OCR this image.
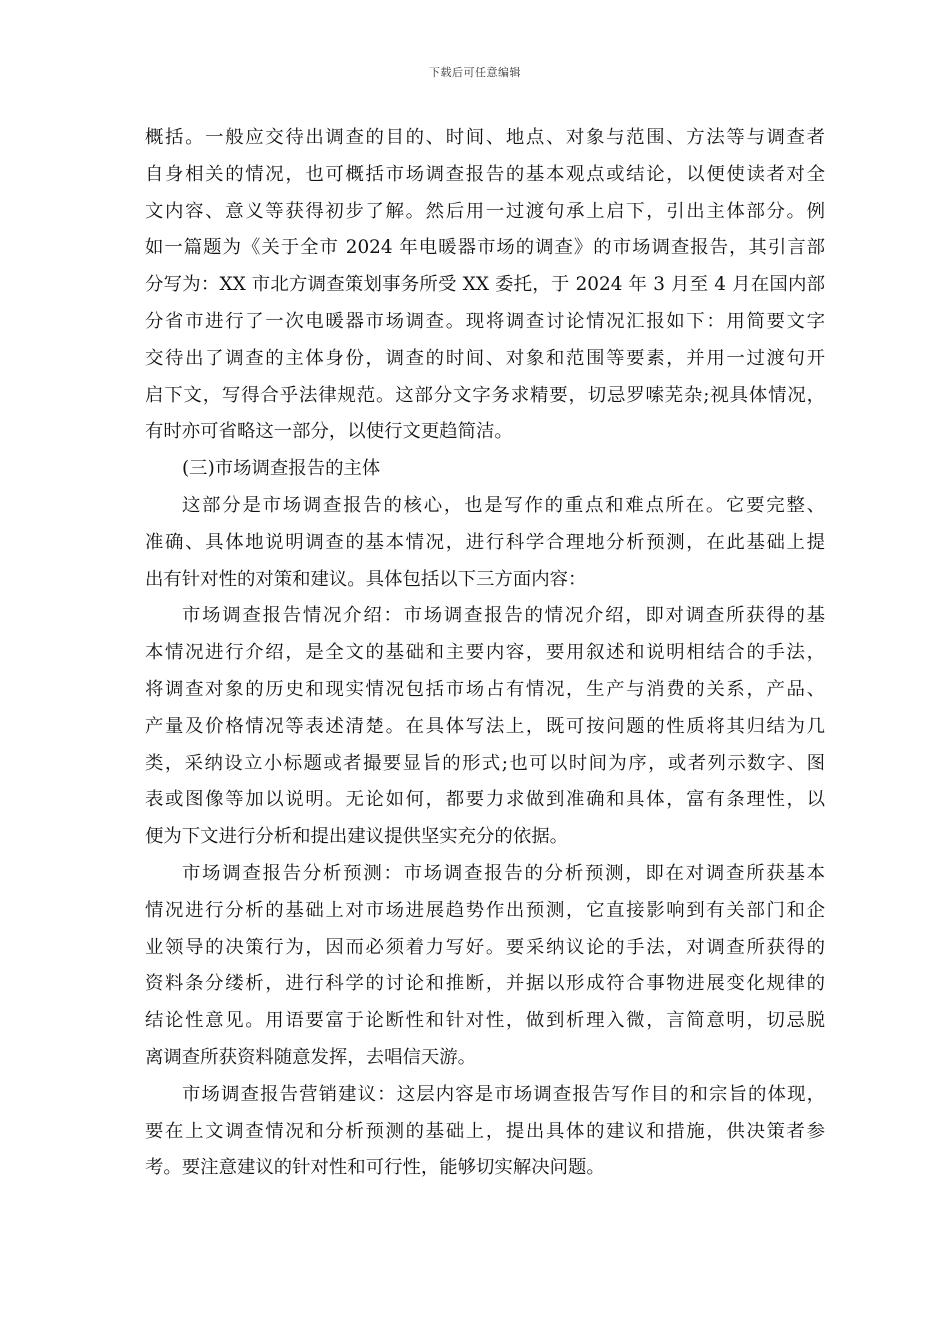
下载后可任意编辑
概括。一般应交待出调查的目的、时间、地点、对象与范围、方法等与调查者
自身相关的情况，也可概括市场调查报告的基本观点或结论，以便使读者对全
文内容、意义等获得初步了解。然后用一过渡句承上启下，引出主体部分。例
如一篇题为《关于全市 2024 年电暖器市场的调查》的市场调查报告，其引言部
分写为：XX 市北方调查策划事务所受 XX 委托，于 2024 年 3 月至 4 月在国内部
分省市进行了一次电暖器市场调查。现将调查讨论情况汇报如下：用简要文字
交待出了调查的主体身份，调查的时间、对象和范围等要素，并用一过渡句开
启下文，写得合乎法律规范。这部分文字务求精要，切忌罗嗦芜杂;视具体情况，
有时亦可省略这一部分，以使行文更趋简洁。
(三)市场调查报告的主体
这部分是市场调查报告的核心，也是写作的重点和难点所在。它要完整、
准确、具体地说明调查的基本情况，进行科学合理地分析预测，在此基础上提
出有针对性的对策和建议。具体包括以下三方面内容：
市场调查报告情况介绍：市场调查报告的情况介绍，即对调查所获得的基
本情况进行介绍，是全文的基础和主要内容，要用叙述和说明相结合的手法，
将调查对象的历史和现实情况包括市场占有情况，生产与消费的关系，产品、
产量及价格情况等表述清楚。在具体写法上，既可按问题的性质将其归结为几
类，采纳设立小标题或者撮要显旨的形式;也可以时间为序，或者列示数字、图
表或图像等加以说明。无论如何，都要力求做到准确和具体，富有条理性，以
便为下文进行分析和提出建议提供坚实充分的依据。
市场调查报告分析预测：市场调查报告的分析预测，即在对调查所获基本
情况进行分析的基础上对市场进展趋势作出预测，它直接影响到有关部门和企
业领导的决策行为，因而必须着力写好。要采纳议论的手法，对调查所获得的
资料条分缕析，进行科学的讨论和推断，并据以形成符合事物进展变化规律的
结论性意见。用语要富于论断性和针对性，做到析理入微，言简意明，切忌脱
离调查所获资料随意发挥，去唱信天游。
市场调查报告营销建议：这层内容是市场调查报告写作目的和宗旨的体现，
要在上文调查情况和分析预测的基础上，提出具体的建议和措施，供决策者参
考。要注意建议的针对性和可行性，能够切实解决问题。
